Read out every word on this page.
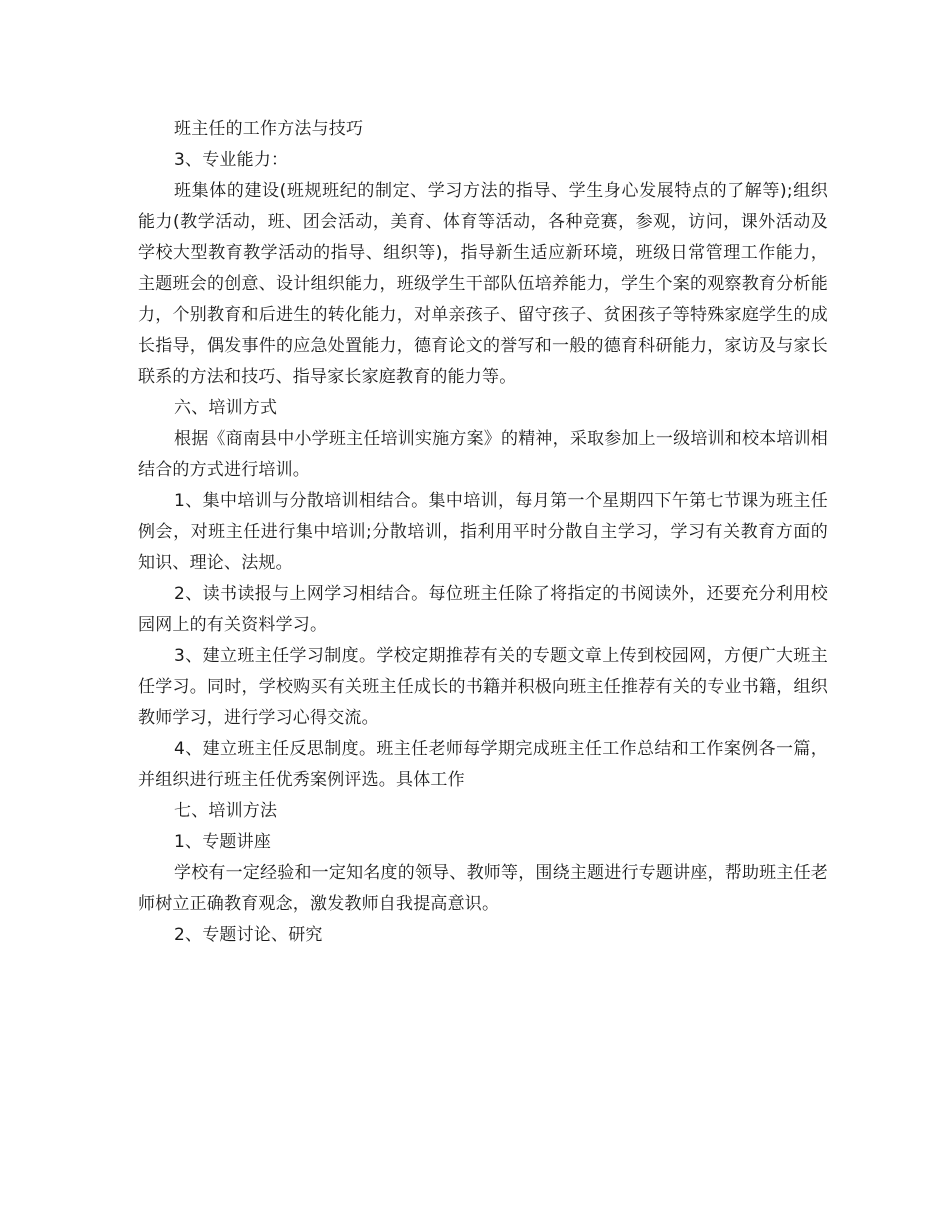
班主任的工作方法与技巧

3、专业能力：

班集体的建设(班规班纪的制定、学习方法的指导、学生身心发展特点的了解等);组织能力(教学活动，班、团会活动，美育、体育等活动，各种竞赛，参观，访问，课外活动及学校大型教育教学活动的指导、组织等)，指导新生适应新环境，班级日常管理工作能力，主题班会的创意、设计组织能力，班级学生干部队伍培养能力，学生个案的观察教育分析能力，个别教育和后进生的转化能力，对单亲孩子、留守孩子、贫困孩子等特殊家庭学生的成长指导，偶发事件的应急处置能力，德育论文的誉写和一般的德育科研能力，家访及与家长联系的方法和技巧、指导家长家庭教育的能力等。

六、培训方式

根据《商南县中小学班主任培训实施方案》的精神，采取参加上一级培训和校本培训相结合的方式进行培训。

1、集中培训与分散培训相结合。集中培训，每月第一个星期四下午第七节课为班主任例会，对班主任进行集中培训;分散培训，指利用平时分散自主学习，学习有关教育方面的知识、理论、法规。

2、读书读报与上网学习相结合。每位班主任除了将指定的书阅读外，还要充分利用校园网上的有关资料学习。

3、建立班主任学习制度。学校定期推荐有关的专题文章上传到校园网，方便广大班主任学习。同时，学校购买有关班主任成长的书籍并积极向班主任推荐有关的专业书籍，组织教师学习，进行学习心得交流。

4、建立班主任反思制度。班主任老师每学期完成班主任工作总结和工作案例各一篇，并组织进行班主任优秀案例评选。具体工作

七、培训方法

1、专题讲座

学校有一定经验和一定知名度的领导、教师等，围绕主题进行专题讲座，帮助班主任老师树立正确教育观念，激发教师自我提高意识。

2、专题讨论、研究
